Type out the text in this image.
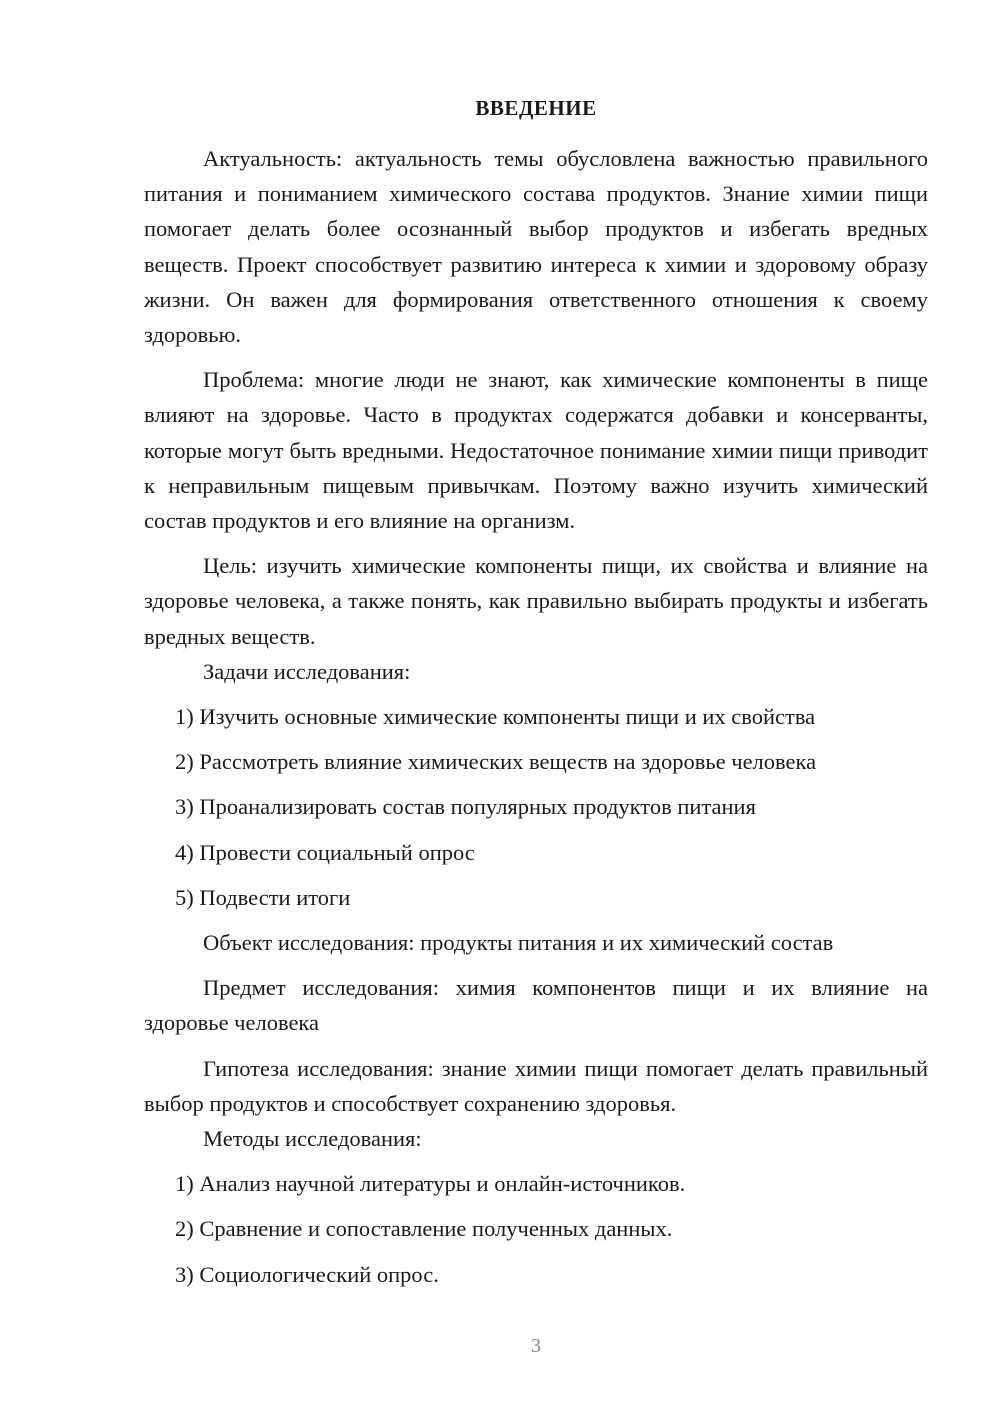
ВВЕДЕНИЕ

Актуальность: актуальность темы обусловлена важностью правильного питания и пониманием химического состава продуктов. Знание химии пищи помогает делать более осознанный выбор продуктов и избегать вредных веществ. Проект способствует развитию интереса к химии и здоровому образу жизни. Он важен для формирования ответственного отношения к своему здоровью.

Проблема: многие люди не знают, как химические компоненты в пище влияют на здоровье. Часто в продуктах содержатся добавки и консерванты, которые могут быть вредными. Недостаточное понимание химии пищи приводит к неправильным пищевым привычкам. Поэтому важно изучить химический состав продуктов и его влияние на организм.

Цель: изучить химические компоненты пищи, их свойства и влияние на здоровье человека, а также понять, как правильно выбирать продукты и избегать вредных веществ.

Задачи исследования:

1) Изучить основные химические компоненты пищи и их свойства

2) Рассмотреть влияние химических веществ на здоровье человека

3) Проанализировать состав популярных продуктов питания

4) Провести социальный опрос

5) Подвести итоги

Объект исследования: продукты питания и их химический состав

Предмет исследования: химия компонентов пищи и их влияние на здоровье человека

Гипотеза исследования: знание химии пищи помогает делать правильный выбор продуктов и способствует сохранению здоровья.

Методы исследования:

1) Анализ научной литературы и онлайн-источников.

2) Сравнение и сопоставление полученных данных.

3) Социологический опрос.

3
